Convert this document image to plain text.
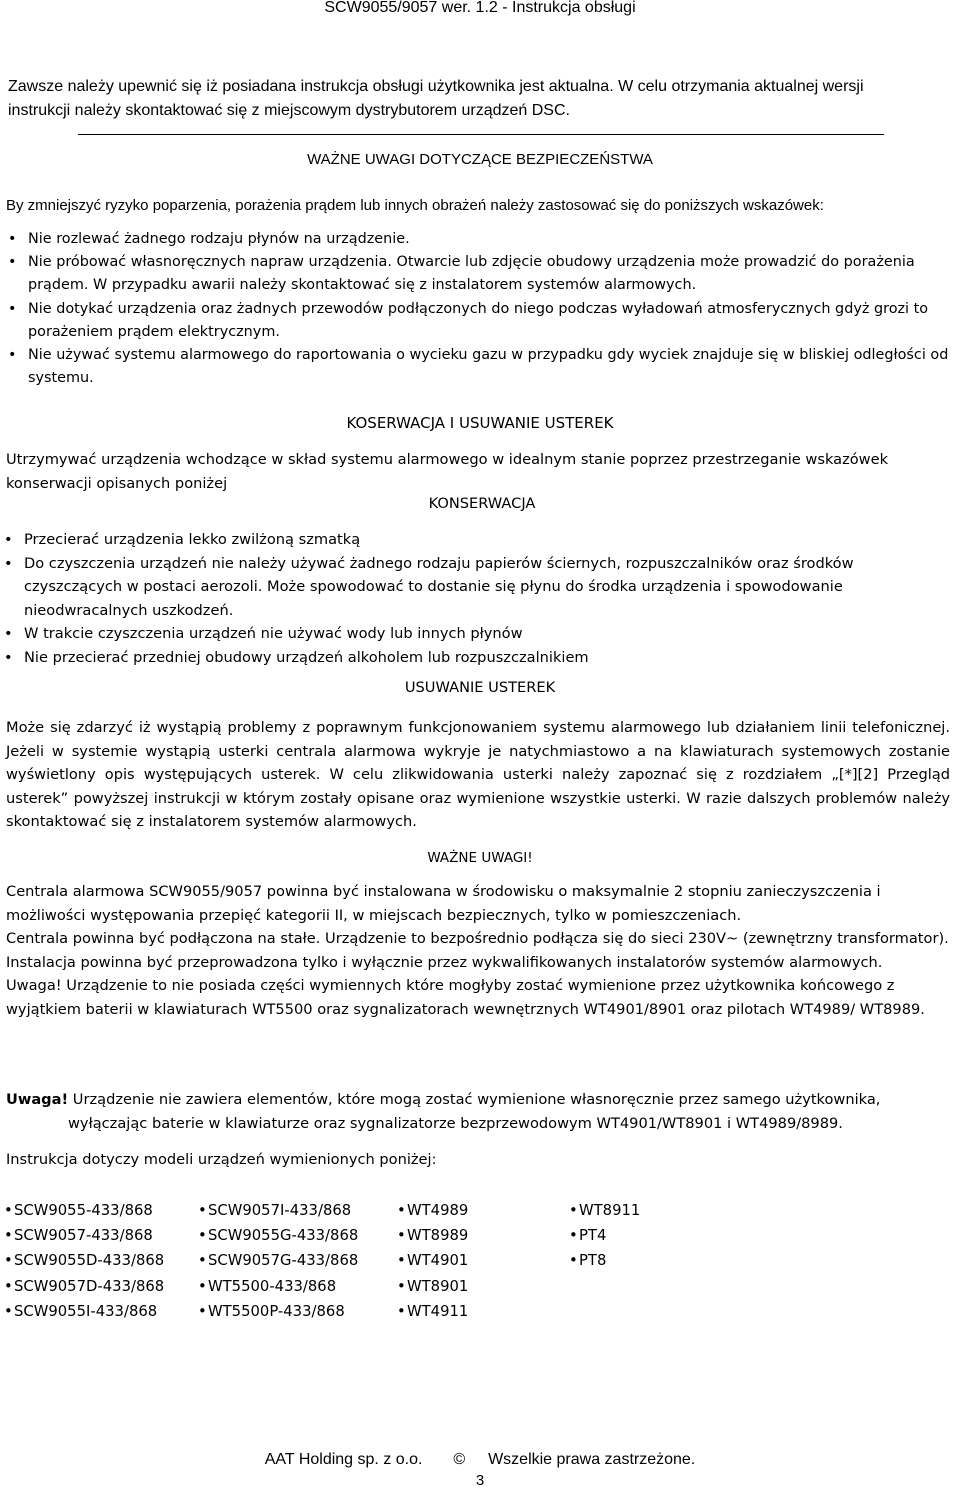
SCW9055/9057 wer. 1.2 - Instrukcja obsługi
Zawsze należy upewnić się iż posiadana instrukcja obsługi użytkownika jest aktualna. W celu otrzymania aktualnej wersji
instrukcji należy skontaktować się z miejscowym dystrybutorem urządzeń DSC.
WAŻNE UWAGI DOTYCZĄCE BEZPIECZEŃSTWA
By zmniejszyć ryzyko poparzenia, porażenia prądem lub innych obrażeń należy zastosować się do poniższych wskazówek:
• Nie rozlewać żadnego rodzaju płynów na urządzenie.
• Nie próbować własnoręcznych napraw urządzenia. Otwarcie lub zdjęcie obudowy urządzenia może prowadzić do porażenia prądem. W przypadku awarii należy skontaktować się z instalatorem systemów alarmowych.
• Nie dotykać urządzenia oraz żadnych przewodów podłączonych do niego podczas wyładowań atmosferycznych gdyż grozi to porażeniem prądem elektrycznym.
• Nie używać systemu alarmowego do raportowania o wycieku gazu w przypadku gdy wyciek znajduje się w bliskiej odległości od systemu.
KOSERWACJA I USUWANIE USTEREK
Utrzymywać urządzenia wchodzące w skład systemu alarmowego w idealnym stanie poprzez przestrzeganie wskazówek konserwacji opisanych poniżej
KONSERWACJA
• Przecierać urządzenia lekko zwilżoną szmatką
• Do czyszczenia urządzeń nie należy używać żadnego rodzaju papierów ściernych, rozpuszczalników oraz środków czyszczących w postaci aerozoli. Może spowodować to dostanie się płynu do środka urządzenia i spowodowanie nieodwracalnych uszkodzeń.
• W trakcie czyszczenia urządzeń nie używać wody lub innych płynów
• Nie przecierać przedniej obudowy urządzeń alkoholem lub rozpuszczalnikiem
USUWANIE USTEREK
Może się zdarzyć iż wystąpią problemy z poprawnym funkcjonowaniem systemu alarmowego lub działaniem linii telefonicznej. Jeżeli w systemie wystąpią usterki centrala alarmowa wykryje je natychmiastowo a na klawiaturach systemowych zostanie wyświetlony opis występujących usterek. W celu zlikwidowania usterki należy zapoznać się z rozdziałem „[*][2] Przegląd usterek” powyższej instrukcji w którym zostały opisane oraz wymienione wszystkie usterki. W razie dalszych problemów należy skontaktować się z instalatorem systemów alarmowych.
WAŻNE UWAGI!

Centrala alarmowa SCW9055/9057 powinna być instalowana w środowisku o maksymalnie 2 stopniu zanieczyszczenia i możliwości występowania przepięć kategorii II, w miejscach bezpiecznych, tylko w pomieszczeniach.

Centrala powinna być podłączona na stałe. Urządzenie to bezpośrednio podłącza się do sieci 230V~ (zewnętrzny transformator). Instalacja powinna być przeprowadzona tylko i wyłącznie przez wykwalifikowanych instalatorów systemów alarmowych.

Uwaga! Urządzenie to nie posiada części wymiennych które mogłyby zostać wymienione przez użytkownika końcowego z wyjątkiem baterii w klawiaturach WT5500 oraz sygnalizatorach wewnętrznych WT4901/8901 oraz pilotach WT4989/ WT8989.

Uwaga! Urządzenie nie zawiera elementów, które mogą zostać wymienione własnoręcznie przez samego użytkownika,
wyłączając baterie w klawiaturze oraz sygnalizatorze bezprzewodowym WT4901/WT8901 i WT4989/8989.
Instrukcja dotyczy modeli urządzeń wymienionych poniżej:
• SCW9055-433/868
• SCW9057-433/868
• SCW9055D-433/868
• SCW9057D-433/868
• SCW9055I-433/868
• SCW9057I-433/868
• SCW9055G-433/868
• SCW9057G-433/868
• WT5500-433/868
• WT5500P-433/868
• WT4989
• WT8989
• WT4901
• WT8901
• WT4911
• WT8911
• PT4
• PT8
AAT Holding sp. z o.o. © Wszelkie prawa zastrzeżone.
3
